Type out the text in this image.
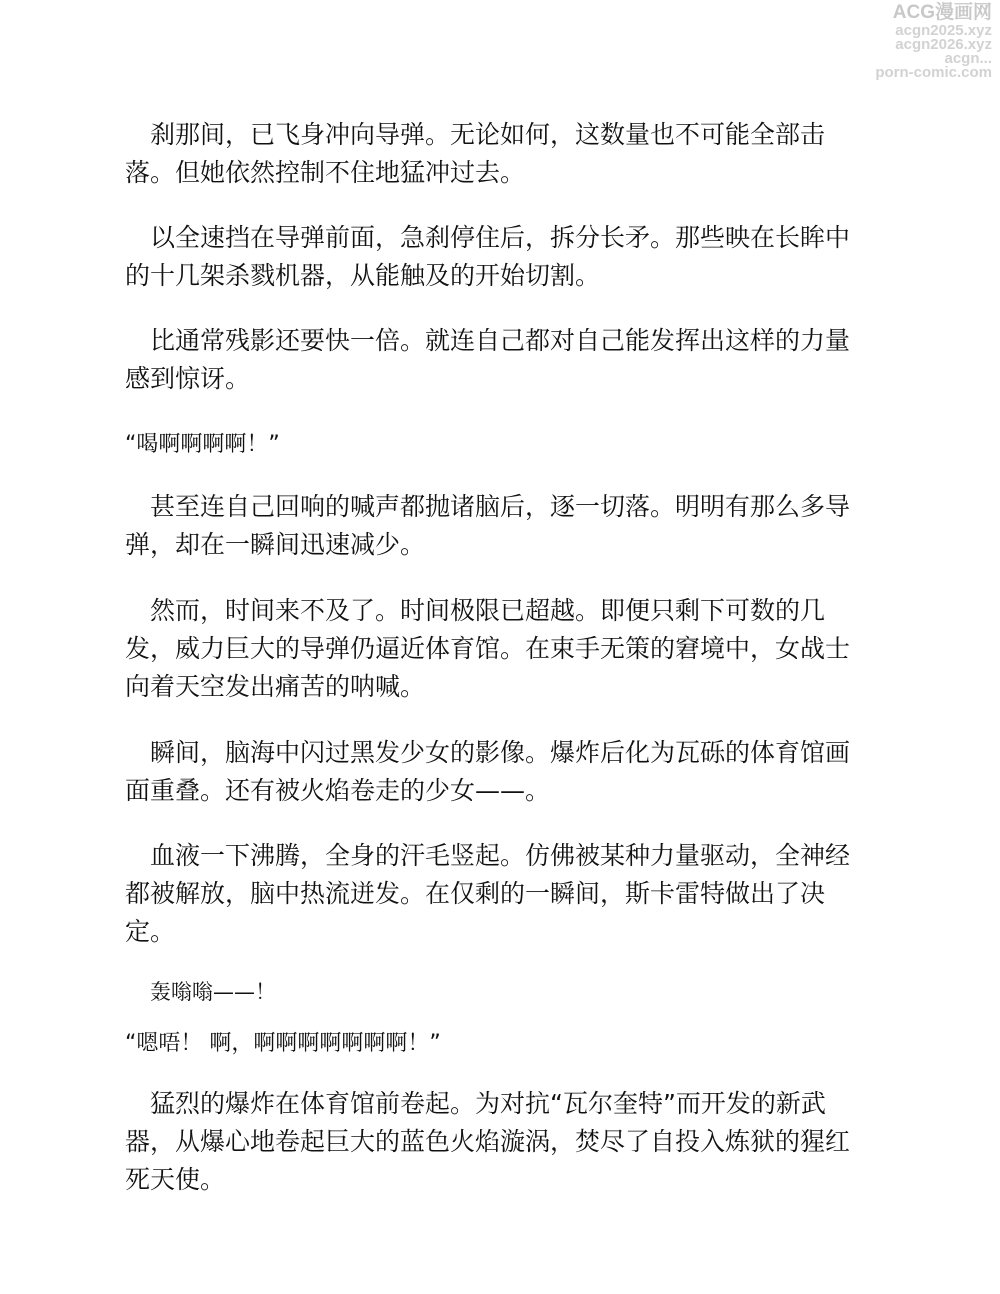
ACG漫画网
acgn2025.xyz
acgn2026.xyz
acgn...
porn-comic.com

刹那间，已飞身冲向导弹。无论如何，这数量也不可能全部击落。但她依然控制不住地猛冲过去。

以全速挡在导弹前面，急刹停住后，拆分长矛。那些映在长眸中的十几架杀戮机器，从能触及的开始切割。

比通常残影还要快一倍。就连自己都对自己能发挥出这样的力量感到惊讶。

“喝啊啊啊啊！”

甚至连自己回响的喊声都抛诸脑后，逐一切落。明明有那么多导弹，却在一瞬间迅速减少。

然而，时间来不及了。时间极限已超越。即便只剩下可数的几发，威力巨大的导弹仍逼近体育馆。在束手无策的窘境中，女战士向着天空发出痛苦的呐喊。

瞬间，脑海中闪过黑发少女的影像。爆炸后化为瓦砾的体育馆画面重叠。还有被火焰卷走的少女——。

血液一下沸腾，全身的汗毛竖起。仿佛被某种力量驱动，全神经都被解放，脑中热流迸发。在仅剩的一瞬间，斯卡雷特做出了决定。

轰嗡嗡——！

“嗯唔！ 啊，啊啊啊啊啊啊啊！”

猛烈的爆炸在体育馆前卷起。为对抗“瓦尔奎特”而开发的新武器，从爆心地卷起巨大的蓝色火焰漩涡，焚尽了自投入炼狱的猩红死天使。
